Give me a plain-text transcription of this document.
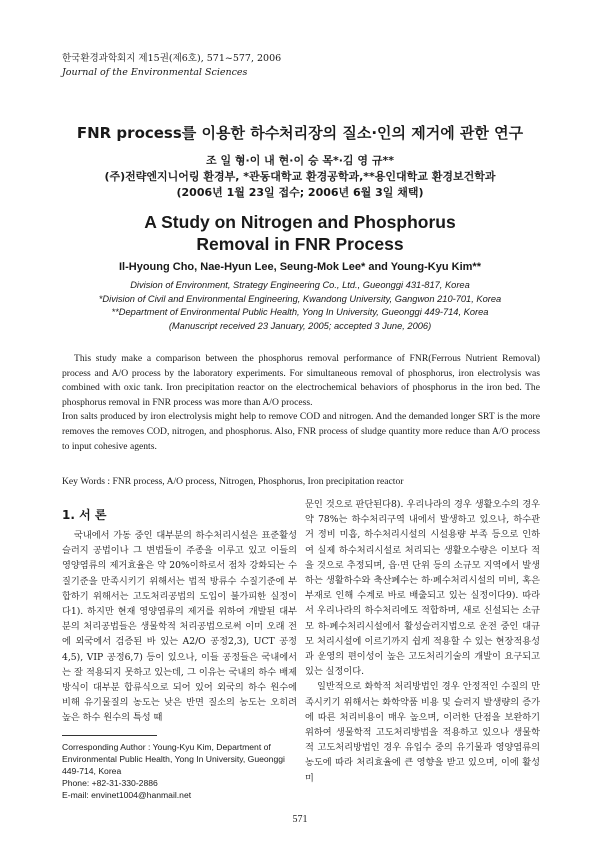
한국환경과학회지 제15권(제6호), 571~577, 2006
Journal of the Environmental Sciences
FNR process를 이용한 하수처리장의 질소·인의 제거에 관한 연구
조 일 형·이 내 현·이 승 목*·김 영 규**
(주)전략엔지니어링 환경부, *관동대학교 환경공학과,**용인대학교 환경보건학과
(2006년 1월 23일 접수; 2006년 6월 3일 채택)
A Study on Nitrogen and Phosphorus
Removal in FNR Process
Il-Hyoung Cho, Nae-Hyun Lee, Seung-Mok Lee* and Young-Kyu Kim**
Division of Environment, Strategy Engineering Co., Ltd., Gueonggi 431-817, Korea
*Division of Civil and Environmental Engineering, Kwandong University, Gangwon 210-701, Korea
**Department of Environmental Public Health, Yong In University, Gueonggi 449-714, Korea
(Manuscript received 23 January, 2005; accepted 3 June, 2006)

This study make a comparison between the phosphorus removal performance of FNR(Ferrous Nutrient Removal) process and A/O process by the laboratory experiments. For simultaneous removal of phosphorus, iron electrolysis was combined with oxic tank. Iron precipitation reactor on the electrochemical behaviors of phosphorus in the iron bed. The phosphorus removal in FNR process was more than A/O process.

Iron salts produced by iron electrolysis might help to remove COD and nitrogen. And the demanded longer SRT is the more removes the removes COD, nitrogen, and phosphorus. Also, FNR process of sludge quantity more reduce than A/O process to input cohesive agents.

Key Words : FNR process, A/O process, Nitrogen, Phosphorus, Iron precipitation reactor
1. 서 론

국내에서 가동 중인 대부분의 하수처리시설은 표준활성슬러지 공법이나 그 변법들이 주종을 이루고 있고 이들의 영양염류의 제거효율은 약 20%이하로서 점차 강화되는 수질기준을 만족시키기 위해서는 법적 방류수 수질기준에 부합하기 위해서는 고도처리공법의 도입이 불가피한 실정이다1). 하지만 현재 영양염류의 제거를 위하여 개발된 대부분의 처리공법들은 생물학적 처리공법으로써 이미 오래 전에 외국에서 검증된 바 있는 A2/O 공정2,3), UCT 공정4,5), VIP 공정6,7) 등이 있으나, 이들 공정들은 국내에서는 잘 적용되지 못하고 있는데, 그 이유는 국내의 하수 배제 방식이 대부분 합류식으로 되어 있어 외국의 하수 원수에 비해 유기물질의 농도는 낮은 반면 질소의 농도는 오히려 높은 하수 원수의 특성 때

문인 것으로 판단된다8). 우리나라의 경우 생활오수의 경우 약 78%는 하수처리구역 내에서 발생하고 있으나, 하수관거 정비 미흡, 하수처리시설의 시설용량 부족 등으로 인하여 실제 하수처리시설로 처리되는 생활오수량은 이보다 적을 것으로 추정되며, 읍·면 단위 등의 소규모 지역에서 발생하는 생활하수와 축산폐수는 하·폐수처리시설의 미비, 혹은 부재로 인해 수계로 바로 배출되고 있는 실정이다9). 따라서 우리나라의 하수처리에도 적합하며, 새로 신설되는 소규모 하·폐수처리시설에서 활성슬러지법으로 운전 중인 대규모 처리시설에 이르기까지 쉽게 적용할 수 있는 현장적용성과 운영의 편이성이 높은 고도처리기술의 개발이 요구되고 있는 실정이다.

일반적으로 화학적 처리방법인 경우 안정적인 수질의 만족시키기 위해서는 화학약품 비용 및 슬러지 발생량의 증가에 따른 처리비용이 매우 높으며, 이러한 단점을 보완하기 위하여 생물학적 고도처리방법을 적용하고 있으나 생물학적 고도처리방법인 경우 유입수 중의 유기물과 영양염류의 농도에 따라 처리효율에 큰 영향을 받고 있으며, 이에 활성미

Corresponding Author : Young-Kyu Kim, Department of
Environmental Public Health, Yong In University, Gueonggi
449-714, Korea
Phone: +82-31-330-2886
E-mail: envinet1004@hanmail.net
571
